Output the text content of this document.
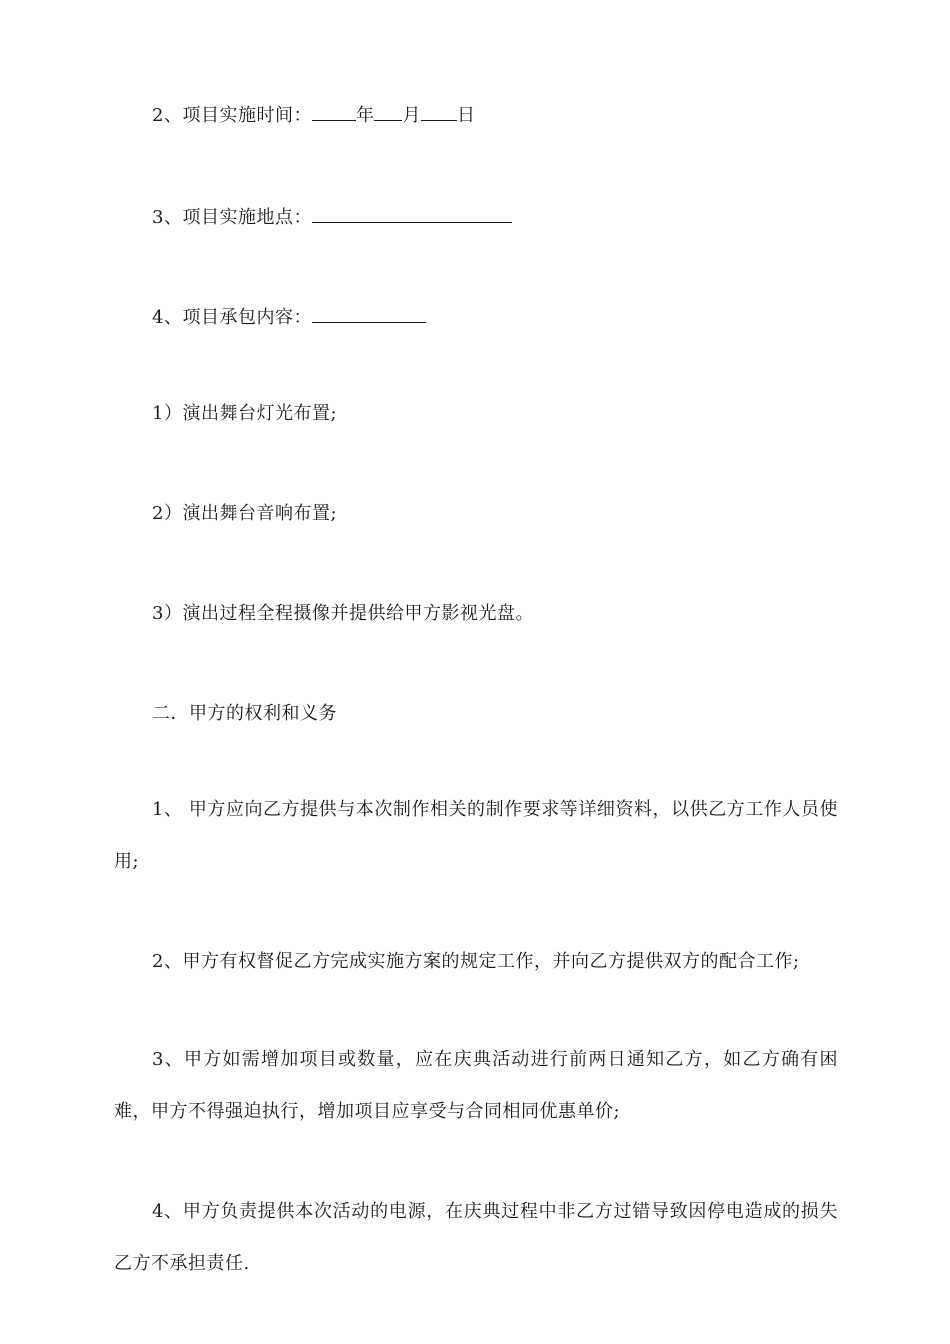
2、项目实施时间： 年 月 日
3、项目实施地点：
4、项目承包内容：
1）演出舞台灯光布置;
2）演出舞台音响布置;
3）演出过程全程摄像并提供给甲方影视光盘。
二．甲方的权利和义务
1、 甲方应向乙方提供与本次制作相关的制作要求等详细资料，以供乙方工作人员使用;
2、甲方有权督促乙方完成实施方案的规定工作，并向乙方提供双方的配合工作;
3、甲方如需增加项目或数量，应在庆典活动进行前两日通知乙方，如乙方确有困难，甲方不得强迫执行，增加项目应享受与合同相同优惠单价;
4、甲方负责提供本次活动的电源，在庆典过程中非乙方过错导致因停电造成的损失乙方不承担责任.
